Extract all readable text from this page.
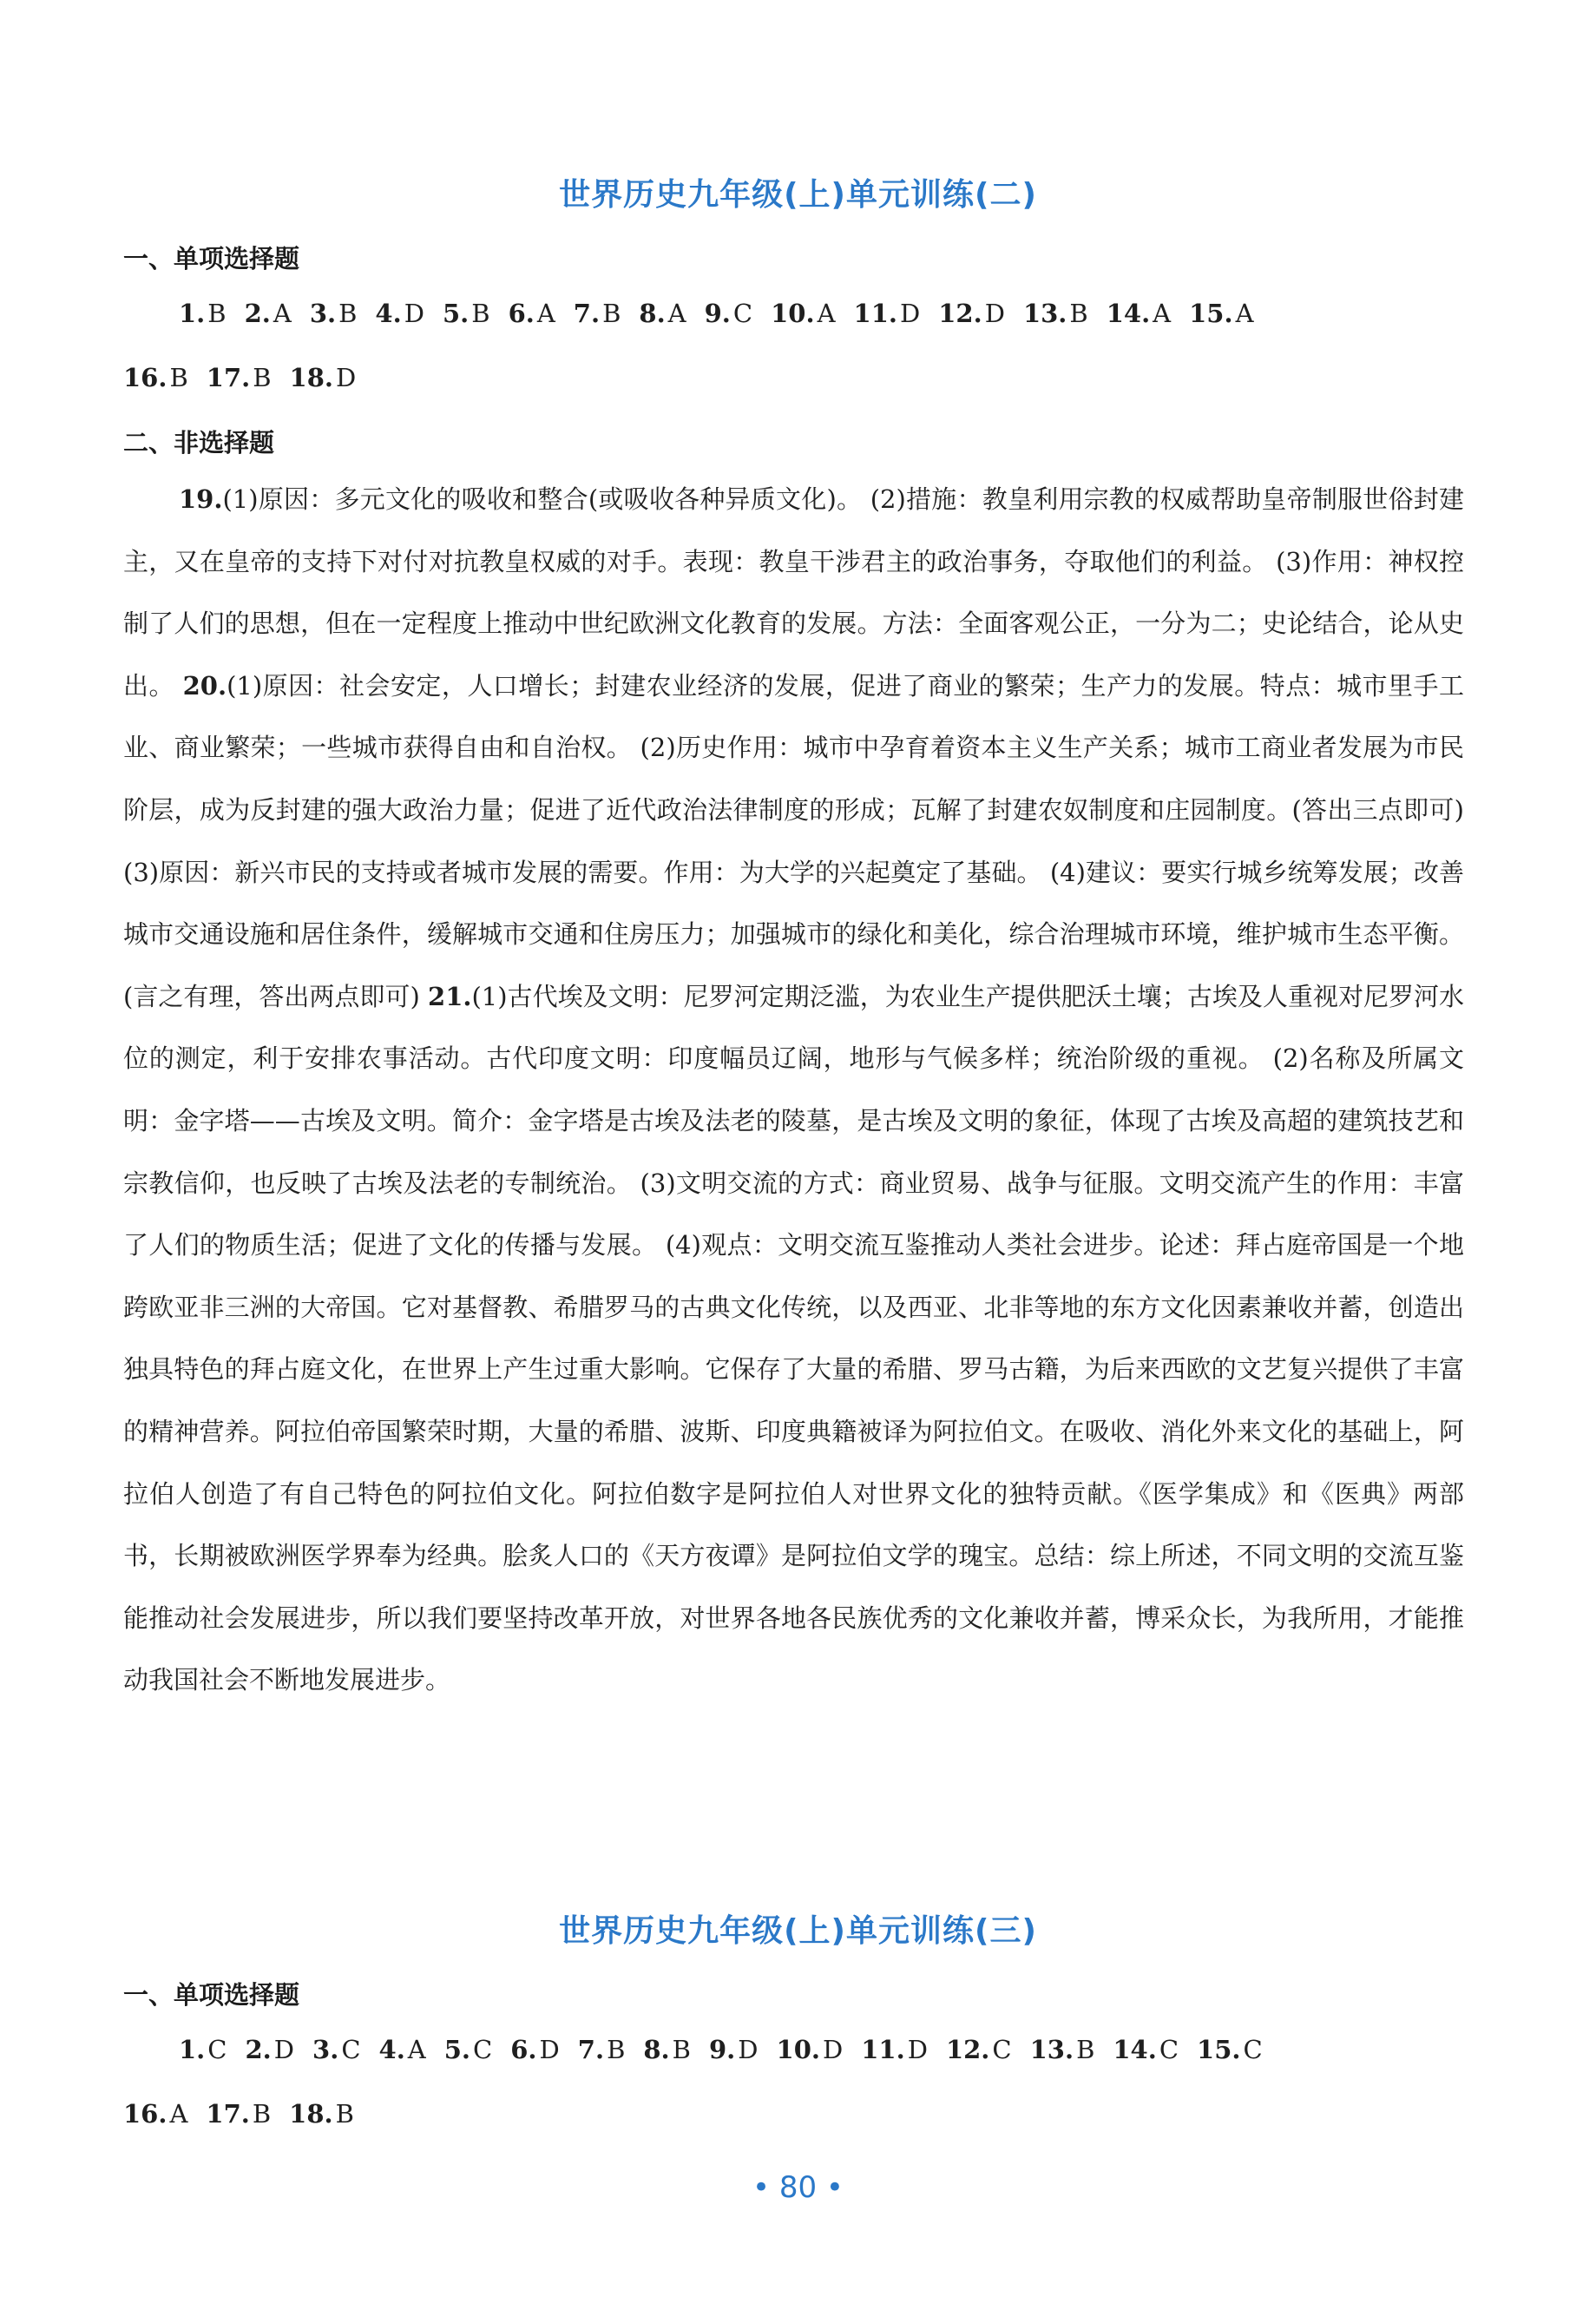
世界历史九年级(上)单元训练(二)
一、单项选择题
1. B 2. A 3. B 4. D 5. B 6. A 7. B 8. A 9. C 10. A 11. D 12. D 13. B 14. A 15. A
16. B 17. B 18. D
二、非选择题

19.(1)原因：多元文化的吸收和整合(或吸收各种异质文化)。 (2)措施：教皇利用宗教的权威帮助皇帝制服世俗封建主，又在皇帝的支持下对付对抗教皇权威的对手。表现：教皇干涉君主的政治事务，夺取他们的利益。 (3)作用：神权控制了人们的思想，但在一定程度上推动中世纪欧洲文化教育的发展。方法：全面客观公正，一分为二；史论结合，论从史出。 20.(1)原因：社会安定，人口增长；封建农业经济的发展，促进了商业的繁荣；生产力的发展。特点：城市里手工业、商业繁荣；一些城市获得自由和自治权。 (2)历史作用：城市中孕育着资本主义生产关系；城市工商业者发展为市民阶层，成为反封建的强大政治力量；促进了近代政治法律制度的形成；瓦解了封建农奴制度和庄园制度。(答出三点即可) (3)原因：新兴市民的支持或者城市发展的需要。作用：为大学的兴起奠定了基础。 (4)建议：要实行城乡统筹发展；改善城市交通设施和居住条件，缓解城市交通和住房压力；加强城市的绿化和美化，综合治理城市环境，维护城市生态平衡。(言之有理，答出两点即可) 21.(1)古代埃及文明：尼罗河定期泛滥，为农业生产提供肥沃土壤；古埃及人重视对尼罗河水位的测定，利于安排农事活动。古代印度文明：印度幅员辽阔，地形与气候多样；统治阶级的重视。 (2)名称及所属文明：金字塔——古埃及文明。简介：金字塔是古埃及法老的陵墓，是古埃及文明的象征，体现了古埃及高超的建筑技艺和宗教信仰，也反映了古埃及法老的专制统治。 (3)文明交流的方式：商业贸易、战争与征服。文明交流产生的作用：丰富了人们的物质生活；促进了文化的传播与发展。 (4)观点：文明交流互鉴推动人类社会进步。论述：拜占庭帝国是一个地跨欧亚非三洲的大帝国。它对基督教、希腊罗马的古典文化传统，以及西亚、北非等地的东方文化因素兼收并蓄，创造出独具特色的拜占庭文化，在世界上产生过重大影响。它保存了大量的希腊、罗马古籍，为后来西欧的文艺复兴提供了丰富的精神营养。阿拉伯帝国繁荣时期，大量的希腊、波斯、印度典籍被译为阿拉伯文。在吸收、消化外来文化的基础上，阿拉伯人创造了有自己特色的阿拉伯文化。阿拉伯数字是阿拉伯人对世界文化的独特贡献。《医学集成》和《医典》两部书，长期被欧洲医学界奉为经典。脍炙人口的《天方夜谭》是阿拉伯文学的瑰宝。总结：综上所述，不同文明的交流互鉴能推动社会发展进步，所以我们要坚持改革开放，对世界各地各民族优秀的文化兼收并蓄，博采众长，为我所用，才能推动我国社会不断地发展进步。

世界历史九年级(上)单元训练(三)
一、单项选择题
1. C 2. D 3. C 4. A 5. C 6. D 7. B 8. B 9. D 10. D 11. D 12. C 13. B 14. C 15. C
16. A 17. B 18. B
• 80 •
